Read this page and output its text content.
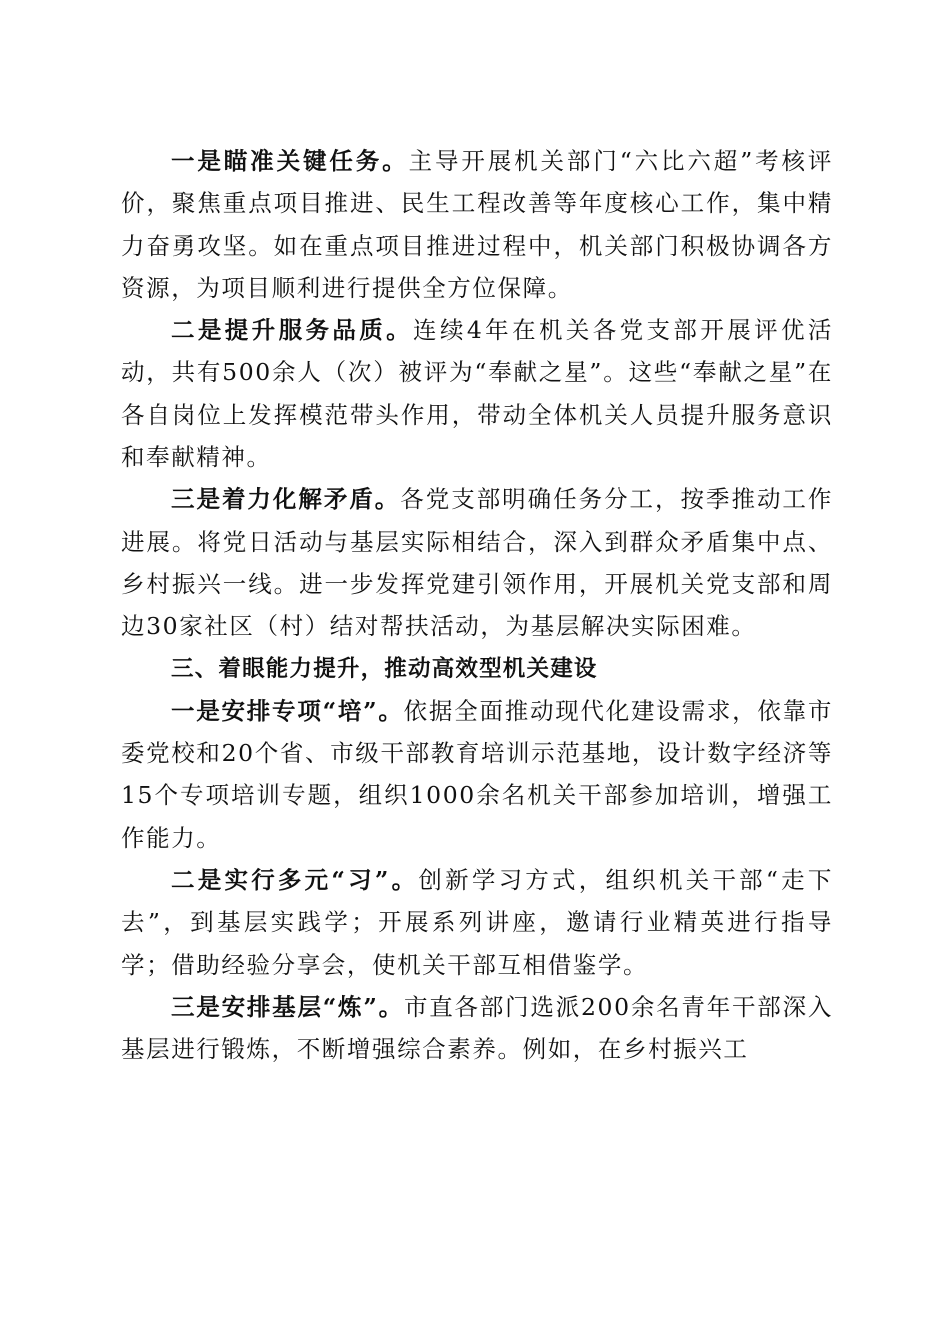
一是瞄准关键任务。主导开展机关部门“六比六超”考核评价，聚焦重点项目推进、民生工程改善等年度核心工作，集中精力奋勇攻坚。如在重点项目推进过程中，机关部门积极协调各方资源，为项目顺利进行提供全方位保障。

二是提升服务品质。连续4年在机关各党支部开展评优活动，共有500余人（次）被评为“奉献之星”。这些“奉献之星”在各自岗位上发挥模范带头作用，带动全体机关人员提升服务意识和奉献精神。

三是着力化解矛盾。各党支部明确任务分工，按季推动工作进展。将党日活动与基层实际相结合，深入到群众矛盾集中点、乡村振兴一线。进一步发挥党建引领作用，开展机关党支部和周边30家社区（村）结对帮扶活动，为基层解决实际困难。

三、着眼能力提升，推动高效型机关建设

一是安排专项“培”。依据全面推动现代化建设需求，依靠市委党校和20个省、市级干部教育培训示范基地，设计数字经济等15个专项培训专题，组织1000余名机关干部参加培训，增强工作能力。

二是实行多元“习”。创新学习方式，组织机关干部“走下去”，到基层实践学；开展系列讲座，邀请行业精英进行指导学；借助经验分享会，使机关干部互相借鉴学。

三是安排基层“炼”。市直各部门选派200余名青年干部深入基层进行锻炼，不断增强综合素养。例如，在乡村振兴工
